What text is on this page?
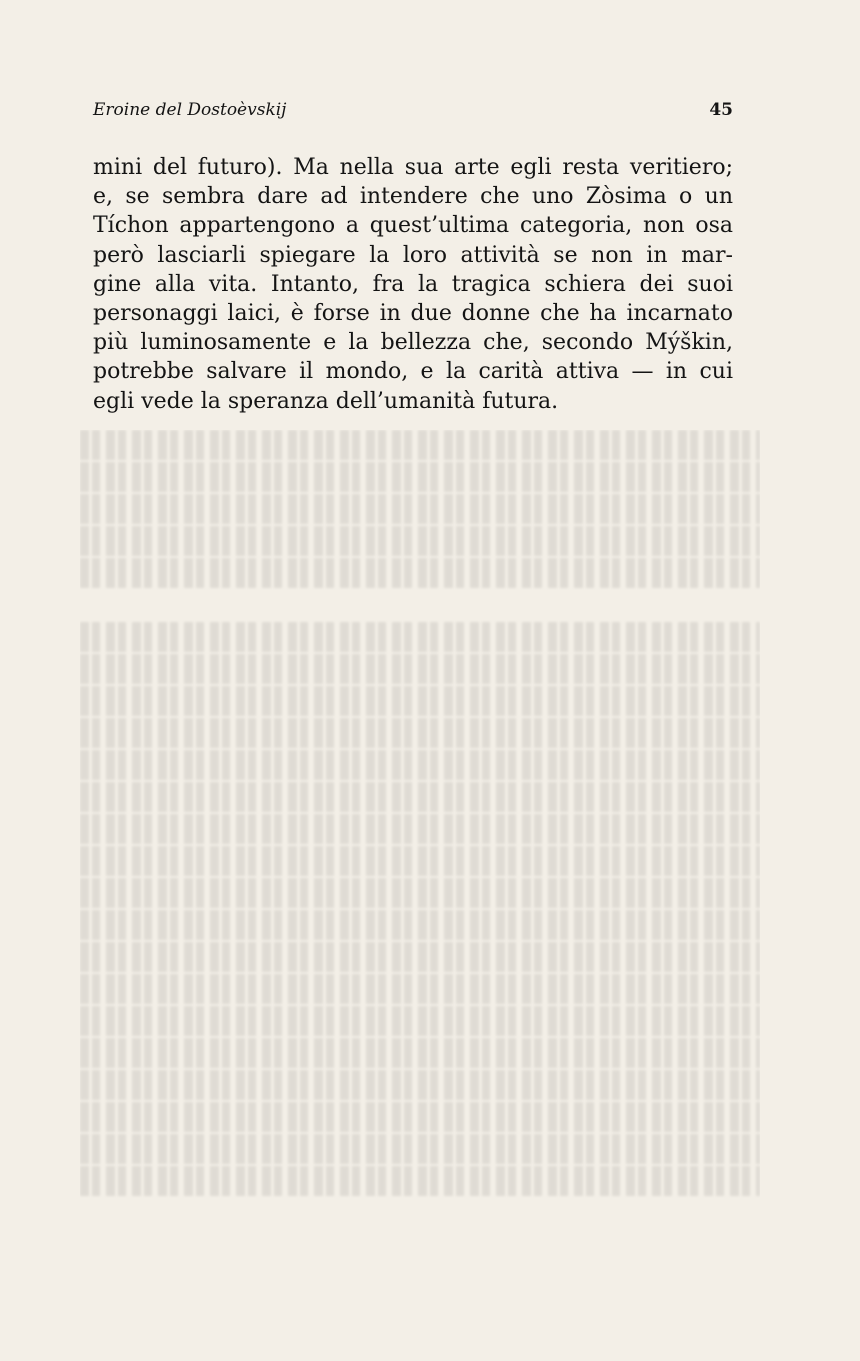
Eroine del Dostoèvskij	45
mini del futuro). Ma nella sua arte egli resta veritiero;
e, se sembra dare ad intendere che uno Zòsima o un
Tíchon appartengono a quest’ultima categoria, non osa
però lasciarli spiegare la loro attività se non in mar-
gine alla vita. Intanto, fra la tragica schiera dei suoi
personaggi laici, è forse in due donne che ha incarnato
più luminosamente e la bellezza che, secondo Mýškin,
potrebbe salvare il mondo, e la carità attiva — in cui
egli vede la speranza dell’umanità futura.
